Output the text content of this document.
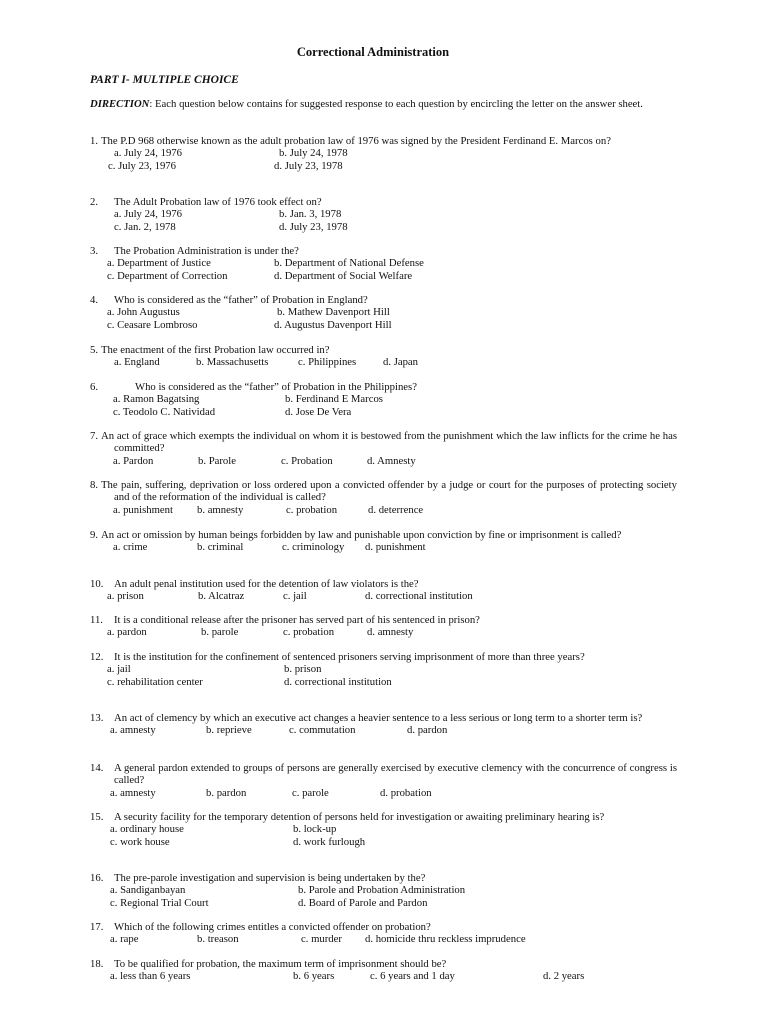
Correctional Administration
PART I- MULTIPLE CHOICE
DIRECTION: Each question below contains for suggested response to each question by encircling the letter on the answer sheet.
1. The P.D 968 otherwise known as the adult probation law of 1976 was signed by the President Ferdinand E. Marcos on?
a. July 24, 1976	b. July 24, 1978
c. July 23, 1976	d. July 23, 1978
2. The Adult Probation law of 1976 took effect on?
a. July 24, 1976	b. Jan. 3, 1978
c. Jan. 2, 1978	d. July 23, 1978
3. The Probation Administration is under the?
a. Department of Justice	b. Department of National Defense
c. Department of Correction	d. Department of Social Welfare
4. Who is considered as the “father” of Probation in England?
a. John Augustus	b. Mathew Davenport Hill
c. Ceasare Lombroso	d. Augustus Davenport Hill
5. The enactment of the first Probation law occurred in?
a. England	b. Massachusetts	c. Philippines	d. Japan
6.	Who is considered as the “father” of Probation in the Philippines?
a. Ramon Bagatsing	b. Ferdinand E Marcos
c. Teodolo C. Natividad	d. Jose De Vera
7. An act of grace which exempts the individual on whom it is bestowed from the punishment which the law inflicts for the crime he has committed?
a. Pardon	b. Parole	c. Probation	d. Amnesty
8. The pain, suffering, deprivation or loss ordered upon a convicted offender by a judge or court for the purposes of protecting society and of the reformation of the individual is called?
a. punishment b. amnesty	c. probation	d. deterrence
9. An act or omission by human beings forbidden by law and punishable upon conviction by fine or imprisonment is called?
a. crime	b. criminal	c. criminology d. punishment
10. An adult penal institution used for the detention of law violators is the?
a. prison	b. Alcatraz	c. jail	d. correctional institution
11. It is a conditional release after the prisoner has served part of his sentenced in prison?
a. pardon	b. parole	c. probation	d. amnesty
12. It is the institution for the confinement of sentenced prisoners serving imprisonment of more than three years?
a. jail	b. prison
c. rehabilitation center	d. correctional institution
13. An act of clemency by which an executive act changes a heavier sentence to a less serious or long term to a shorter term is?
a. amnesty	b. reprieve	c. commutation	d. pardon
14. A general pardon extended to groups of persons are generally exercised by executive clemency with the concurrence of congress is called?
a. amnesty	b. pardon	c. parole	d. probation
15. A security facility for the temporary detention of persons held for investigation or awaiting preliminary hearing is?
a. ordinary house	b. lock-up
c. work house	d. work furlough
16. The pre-parole investigation and supervision is being undertaken by the?
a. Sandiganbayan	b. Parole and Probation Administration
c. Regional Trial Court	d. Board of Parole and Pardon
17. Which of the following crimes entitles a convicted offender on probation?
a. rape	b. treason	c. murder d. homicide thru reckless imprudence
18. To be qualified for probation, the maximum term of imprisonment should be?
a. less than 6 years	b. 6 years	c. 6 years and 1 day	d. 2 years
